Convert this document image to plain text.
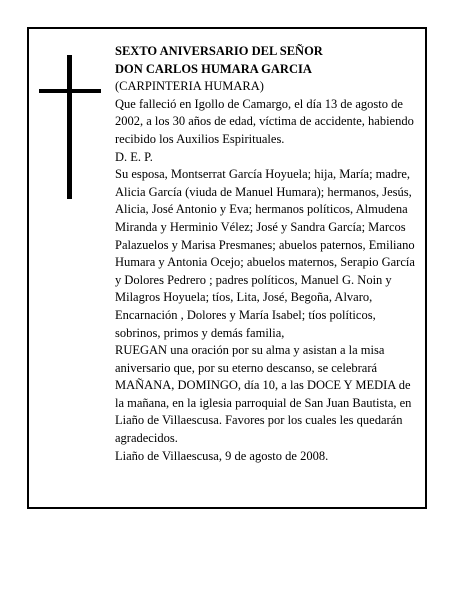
SEXTO ANIVERSARIO DEL SEÑOR

DON CARLOS HUMARA GARCIA

(CARPINTERIA HUMARA)

Que falleció en Igollo de Camargo, el día 13 de agosto de 2002, a los 30 años de edad, víctima de accidente, habiendo recibido los Auxilios Espirituales.

D. E. P.

Su esposa, Montserrat García Hoyuela; hija, María; madre, Alicia García (viuda de Manuel Humara); hermanos, Jesús, Alicia, José Antonio y Eva; hermanos políticos, Almudena Miranda y Herminio Vélez; José y Sandra García; Marcos Palazuelos y Marisa Presmanes; abuelos paternos, Emiliano Humara y Antonia Ocejo; abuelos maternos, Serapio García y Dolores Pedrero ; padres políticos, Manuel G. Noin y Milagros Hoyuela; tíos, Lita, José, Begoña, Alvaro, Encarnación , Dolores y María Isabel; tíos políticos, sobrinos, primos y demás familia,

RUEGAN una oración por su alma y asistan a la misa aniversario que, por su eterno descanso, se celebrará MAÑANA, DOMINGO, día 10, a las DOCE Y MEDIA de la mañana, en la iglesia parroquial de San Juan Bautista, en Liaño de Villaescusa. Favores por los cuales les quedarán agradecidos.

Liaño de Villaescusa, 9 de agosto de 2008.
